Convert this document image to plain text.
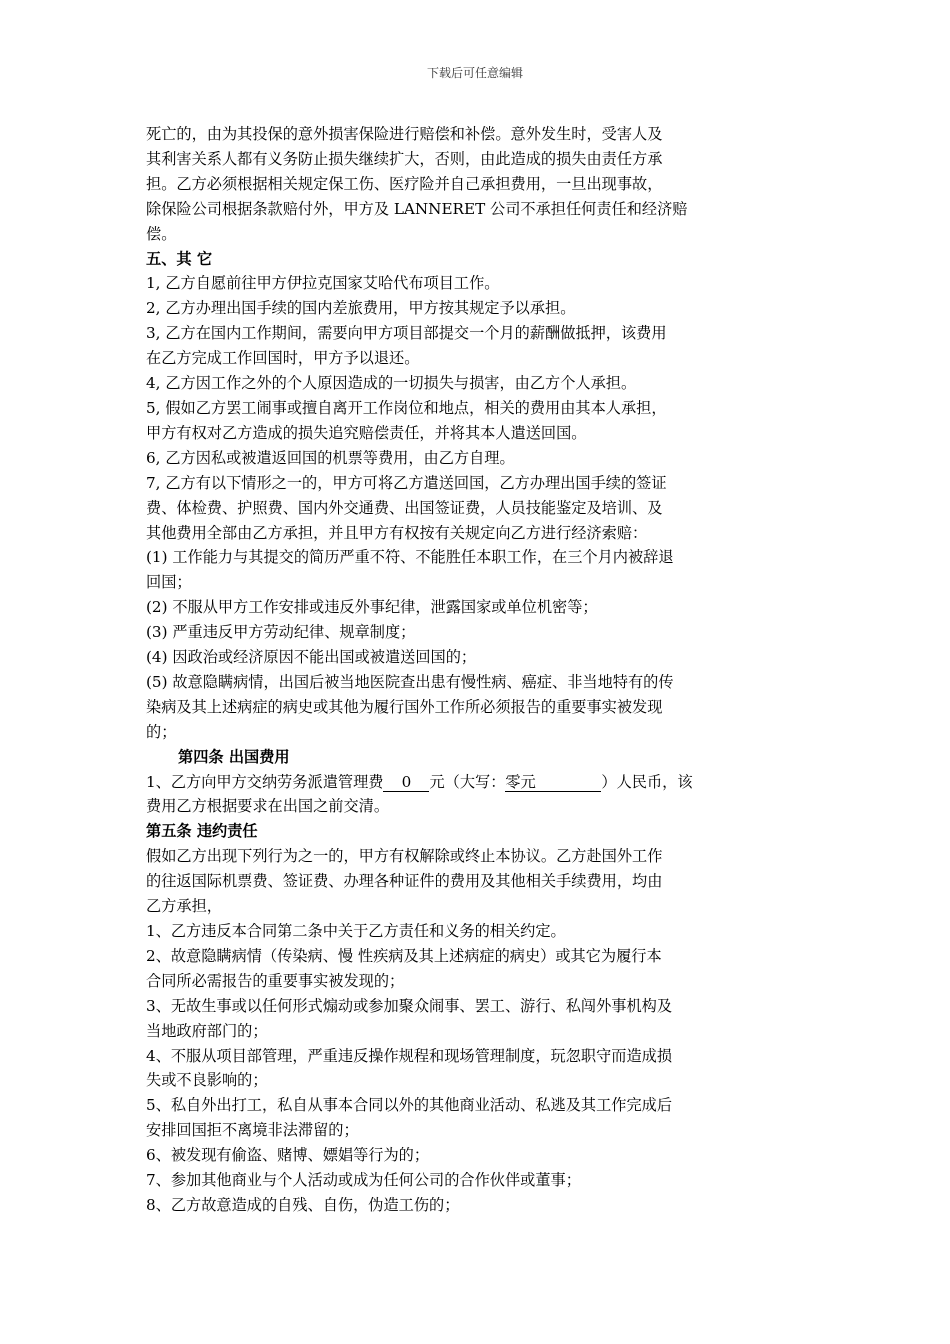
下载后可任意编辑

死亡的，由为其投保的意外损害保险进行赔偿和补偿。意外发生时，受害人及

其利害关系人都有义务防止损失继续扩大，否则，由此造成的损失由责任方承

担。乙方必须根据相关规定保工伤、医疗险并自己承担费用，一旦出现事故，

除保险公司根据条款赔付外，甲方及 LANNERET 公司不承担任何责任和经济赔

偿。

五、其 它

1, 乙方自愿前往甲方伊拉克国家艾哈代布项目工作。

2, 乙方办理出国手续的国内差旅费用，甲方按其规定予以承担。

3, 乙方在国内工作期间，需要向甲方项目部提交一个月的薪酬做抵押，该费用

在乙方完成工作回国时，甲方予以退还。

4, 乙方因工作之外的个人原因造成的一切损失与损害，由乙方个人承担。

5, 假如乙方罢工闹事或擅自离开工作岗位和地点，相关的费用由其本人承担，

甲方有权对乙方造成的损失追究赔偿责任，并将其本人遣送回国。

6, 乙方因私或被遣返回国的机票等费用，由乙方自理。

7, 乙方有以下情形之一的，甲方可将乙方遣送回国，乙方办理出国手续的签证

费、体检费、护照费、国内外交通费、出国签证费，人员技能鉴定及培训、及

其他费用全部由乙方承担，并且甲方有权按有关规定向乙方进行经济索赔：

(1) 工作能力与其提交的简历严重不符、不能胜任本职工作，在三个月内被辞退

回国；

(2) 不服从甲方工作安排或违反外事纪律，泄露国家或单位机密等；

(3) 严重违反甲方劳动纪律、规章制度；

(4) 因政治或经济原因不能出国或被遣送回国的；

(5) 故意隐瞒病情，出国后被当地医院查出患有慢性病、癌症、非当地特有的传

染病及其上述病症的病史或其他为履行国外工作所必须报告的重要事实被发现

的；

第四条 出国费用

1、乙方向甲方交纳劳务派遣管理费 0 元（大写：零元	）人民币，该

费用乙方根据要求在出国之前交清。

第五条 违约责任

假如乙方出现下列行为之一的，甲方有权解除或终止本协议。乙方赴国外工作

的往返国际机票费、签证费、办理各种证件的费用及其他相关手续费用，均由

乙方承担，

1、乙方违反本合同第二条中关于乙方责任和义务的相关约定。

2、故意隐瞒病情（传染病、慢 性疾病及其上述病症的病史）或其它为履行本

合同所必需报告的重要事实被发现的；

3、无故生事或以任何形式煽动或参加聚众闹事、罢工、游行、私闯外事机构及

当地政府部门的；

4、不服从项目部管理，严重违反操作规程和现场管理制度，玩忽职守而造成损

失或不良影响的；

5、私自外出打工，私自从事本合同以外的其他商业活动、私逃及其工作完成后

安排回国拒不离境非法滞留的；

6、被发现有偷盗、赌博、嫖娼等行为的；

7、参加其他商业与个人活动或成为任何公司的合作伙伴或董事；

8、乙方故意造成的自残、自伤，伪造工伤的；
